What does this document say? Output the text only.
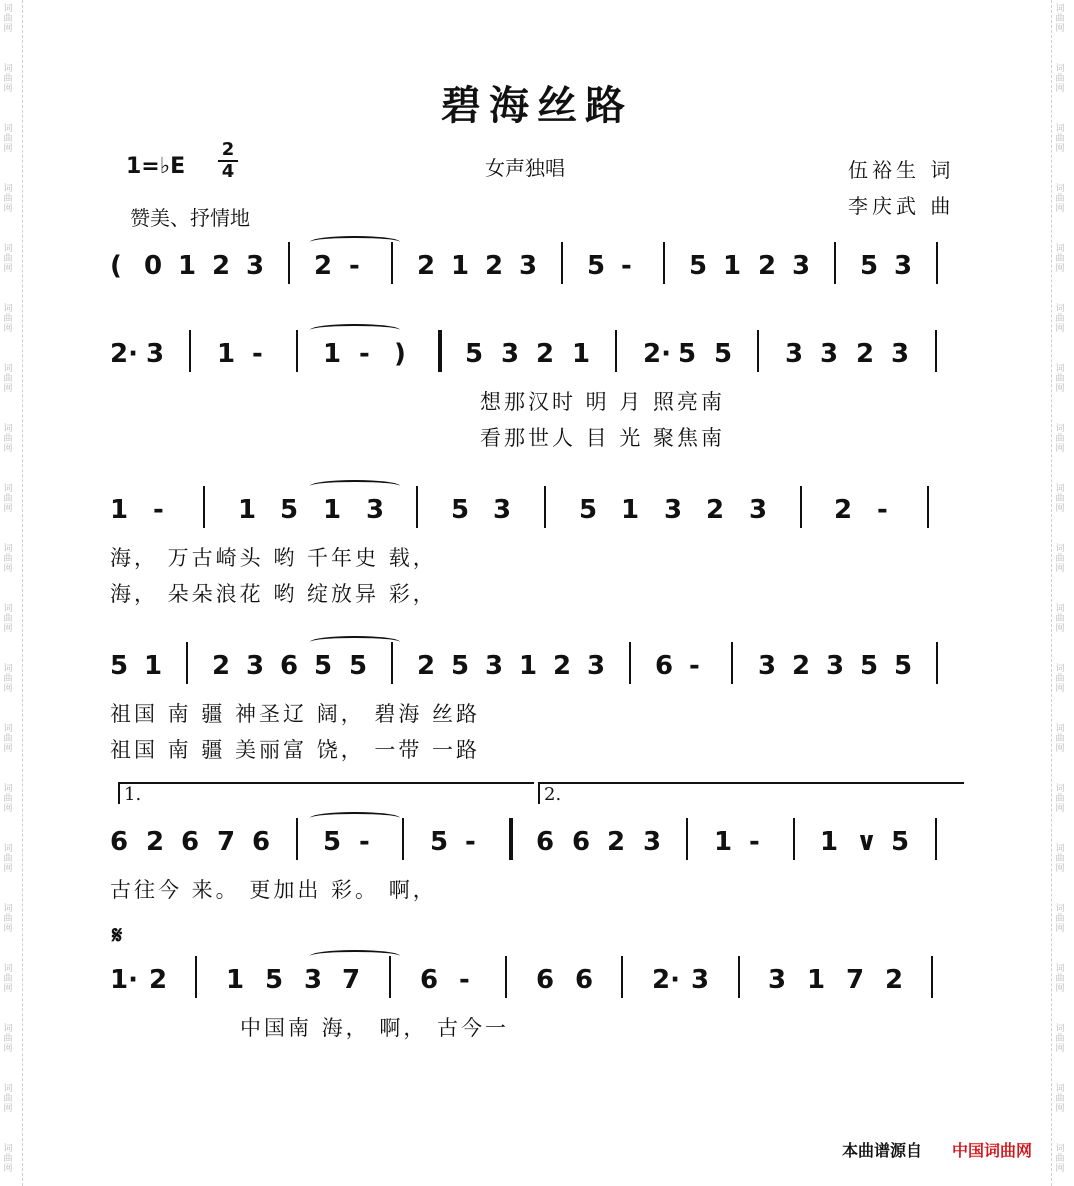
词
曲
网
词
曲
网
词
曲
网
词
曲
网
词
曲
网
词
曲
网
词
曲
网
词
曲
网
词
曲
网
词
曲
网
词
曲
网
词
曲
网
词
曲
网
词
曲
网
词
曲
网
词
曲
网
词
曲
网
词
曲
网
词
曲
网
词
曲
网
词
曲
网
词
曲
网
词
曲
网
词
曲
网
词
曲
网
词
曲
网
词
曲
网
词
曲
网
词
曲
网
词
曲
网
词
曲
网
词
曲
网
词
曲
网
词
曲
网
词
曲
网
词
曲
网
词
曲
网
词
曲
网
词
曲
网
词
曲
网
碧海丝路
1=♭E
2
4	女声独唱
赞美、抒情地
伍裕生 词
李庆武 曲
( 0 1 2 3 2 - 2 1 2 3 5 - 5 1 2 3 5 3
2· 3 1 - 1 - ) 5 3 2 1 2· 5 5 3 3 2 3
想那汉时 明 月 照亮南
看那世人 目 光 聚焦南
1 -	1 5 1 3	5 3	5 1 3 2 3	2 -
海， 万古崎头 哟 千年史 载，
海， 朵朵浪花 哟 绽放异 彩，
5 1 2 3 6 5 5 2 5 3 1 2 3 6 - 3 2 3 5 5
祖国 南 疆 神圣辽 阔， 碧海 丝路
祖国 南 疆 美丽富 饶， 一带 一路
6 2 6 7 6 5 - 5 - 6 6 2 3 1 - 1 ∨ 5
古往今 来。 更加出 彩。 啊，
1.	2.
1· 2 1 5 3 7 6 -	6 6 2· 3 3 1 7 2
中国南 海， 啊， 古今一
𝄋
本曲谱源自 中国词曲网
